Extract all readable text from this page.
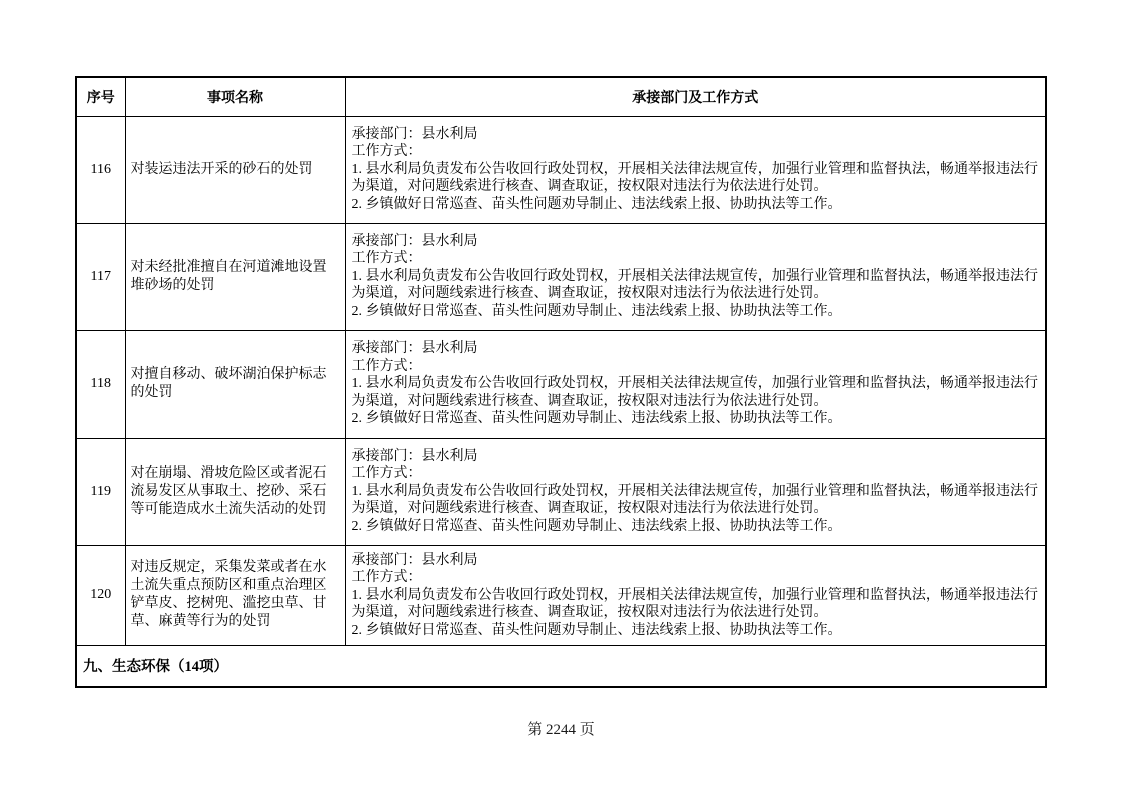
序号	事项名称	承接部门及工作方式
116	对装运违法开采的砂石的处罚	承接部门：县水利局
工作方式：
1. 县水利局负责发布公告收回行政处罚权，开展相关法律法规宣传，加强行业管理和监督执法，畅通举报违法行为渠道，对问题线索进行核查、调查取证，按权限对违法行为依法进行处罚。
2. 乡镇做好日常巡查、苗头性问题劝导制止、违法线索上报、协助执法等工作。

117	对未经批准擅自在河道滩地设置堆砂场的处罚	承接部门：县水利局
工作方式：
1. 县水利局负责发布公告收回行政处罚权，开展相关法律法规宣传，加强行业管理和监督执法，畅通举报违法行为渠道，对问题线索进行核查、调查取证，按权限对违法行为依法进行处罚。
2. 乡镇做好日常巡查、苗头性问题劝导制止、违法线索上报、协助执法等工作。

118	对擅自移动、破坏湖泊保护标志的处罚	承接部门：县水利局
工作方式：
1. 县水利局负责发布公告收回行政处罚权，开展相关法律法规宣传，加强行业管理和监督执法，畅通举报违法行为渠道，对问题线索进行核查、调查取证，按权限对违法行为依法进行处罚。
2. 乡镇做好日常巡查、苗头性问题劝导制止、违法线索上报、协助执法等工作。

119	对在崩塌、滑坡危险区或者泥石流易发区从事取土、挖砂、采石等可能造成水土流失活动的处罚	承接部门：县水利局
工作方式：
1. 县水利局负责发布公告收回行政处罚权，开展相关法律法规宣传，加强行业管理和监督执法，畅通举报违法行为渠道，对问题线索进行核查、调查取证，按权限对违法行为依法进行处罚。
2. 乡镇做好日常巡查、苗头性问题劝导制止、违法线索上报、协助执法等工作。

120	对违反规定，采集发菜或者在水土流失重点预防区和重点治理区铲草皮、挖树兜、滥挖虫草、甘草、麻黄等行为的处罚	承接部门：县水利局
工作方式：
1. 县水利局负责发布公告收回行政处罚权，开展相关法律法规宣传，加强行业管理和监督执法，畅通举报违法行为渠道，对问题线索进行核查、调查取证，按权限对违法行为依法进行处罚。
2. 乡镇做好日常巡查、苗头性问题劝导制止、违法线索上报、协助执法等工作。

九、生态环保（14项）		
第 2244 页
